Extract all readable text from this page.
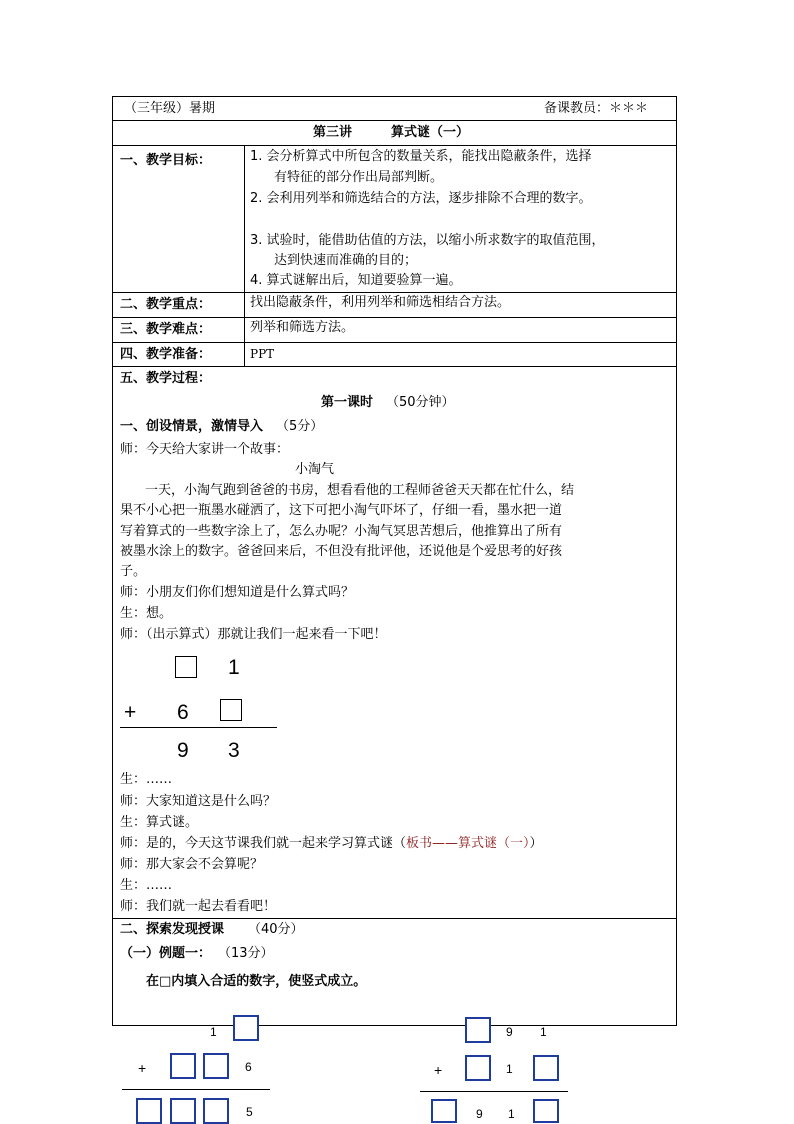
（三年级）暑期	备课教员：＊＊＊
第三讲	算式谜（一）
一、教学目标：	1. 会分析算式中所包含的数量关系，能找出隐蔽条件，选择
有特征的部分作出局部判断。
2. 会利用列举和筛选结合的方法，逐步排除不合理的数字。
3. 试验时，能借助估值的方法，以缩小所求数字的取值范围，
达到快速而准确的目的；
4. 算式谜解出后，知道要验算一遍。
二、教学重点：	找出隐蔽条件，利用列举和筛选相结合方法。
三、教学难点：	列举和筛选方法。
四、教学准备：	PPT
五、教学过程：
第一课时 （50分钟）
一、创设情景，激情导入 （5分）
师：今天给大家讲一个故事：
小淘气
一天，小淘气跑到爸爸的书房，想看看他的工程师爸爸天天都在忙什么，结
果不小心把一瓶墨水碰洒了，这下可把小淘气吓坏了，仔细一看，墨水把一道
写着算式的一些数字涂上了，怎么办呢？小淘气冥思苦想后，他推算出了所有
被墨水涂上的数字。爸爸回来后，不但没有批评他，还说他是个爱思考的好孩
子。
师：小朋友们你们想知道是什么算式吗？
生：想。
师：（出示算式）那就让我们一起来看一下吧！
1
+ 6
9 3
生：……
师：大家知道这是什么吗？
生：算式谜。
师：是的，今天这节课我们就一起来学习算式谜（板书——算式谜（一））
师：那大家会不会算呢？
生：……
师：我们就一起去看看吧！
二、探索发现授课 （40分）
（一）例题一： （13分）
在□内填入合适的数字，使竖式成立。
1
+	6
5
9 1
+	1
9 1
